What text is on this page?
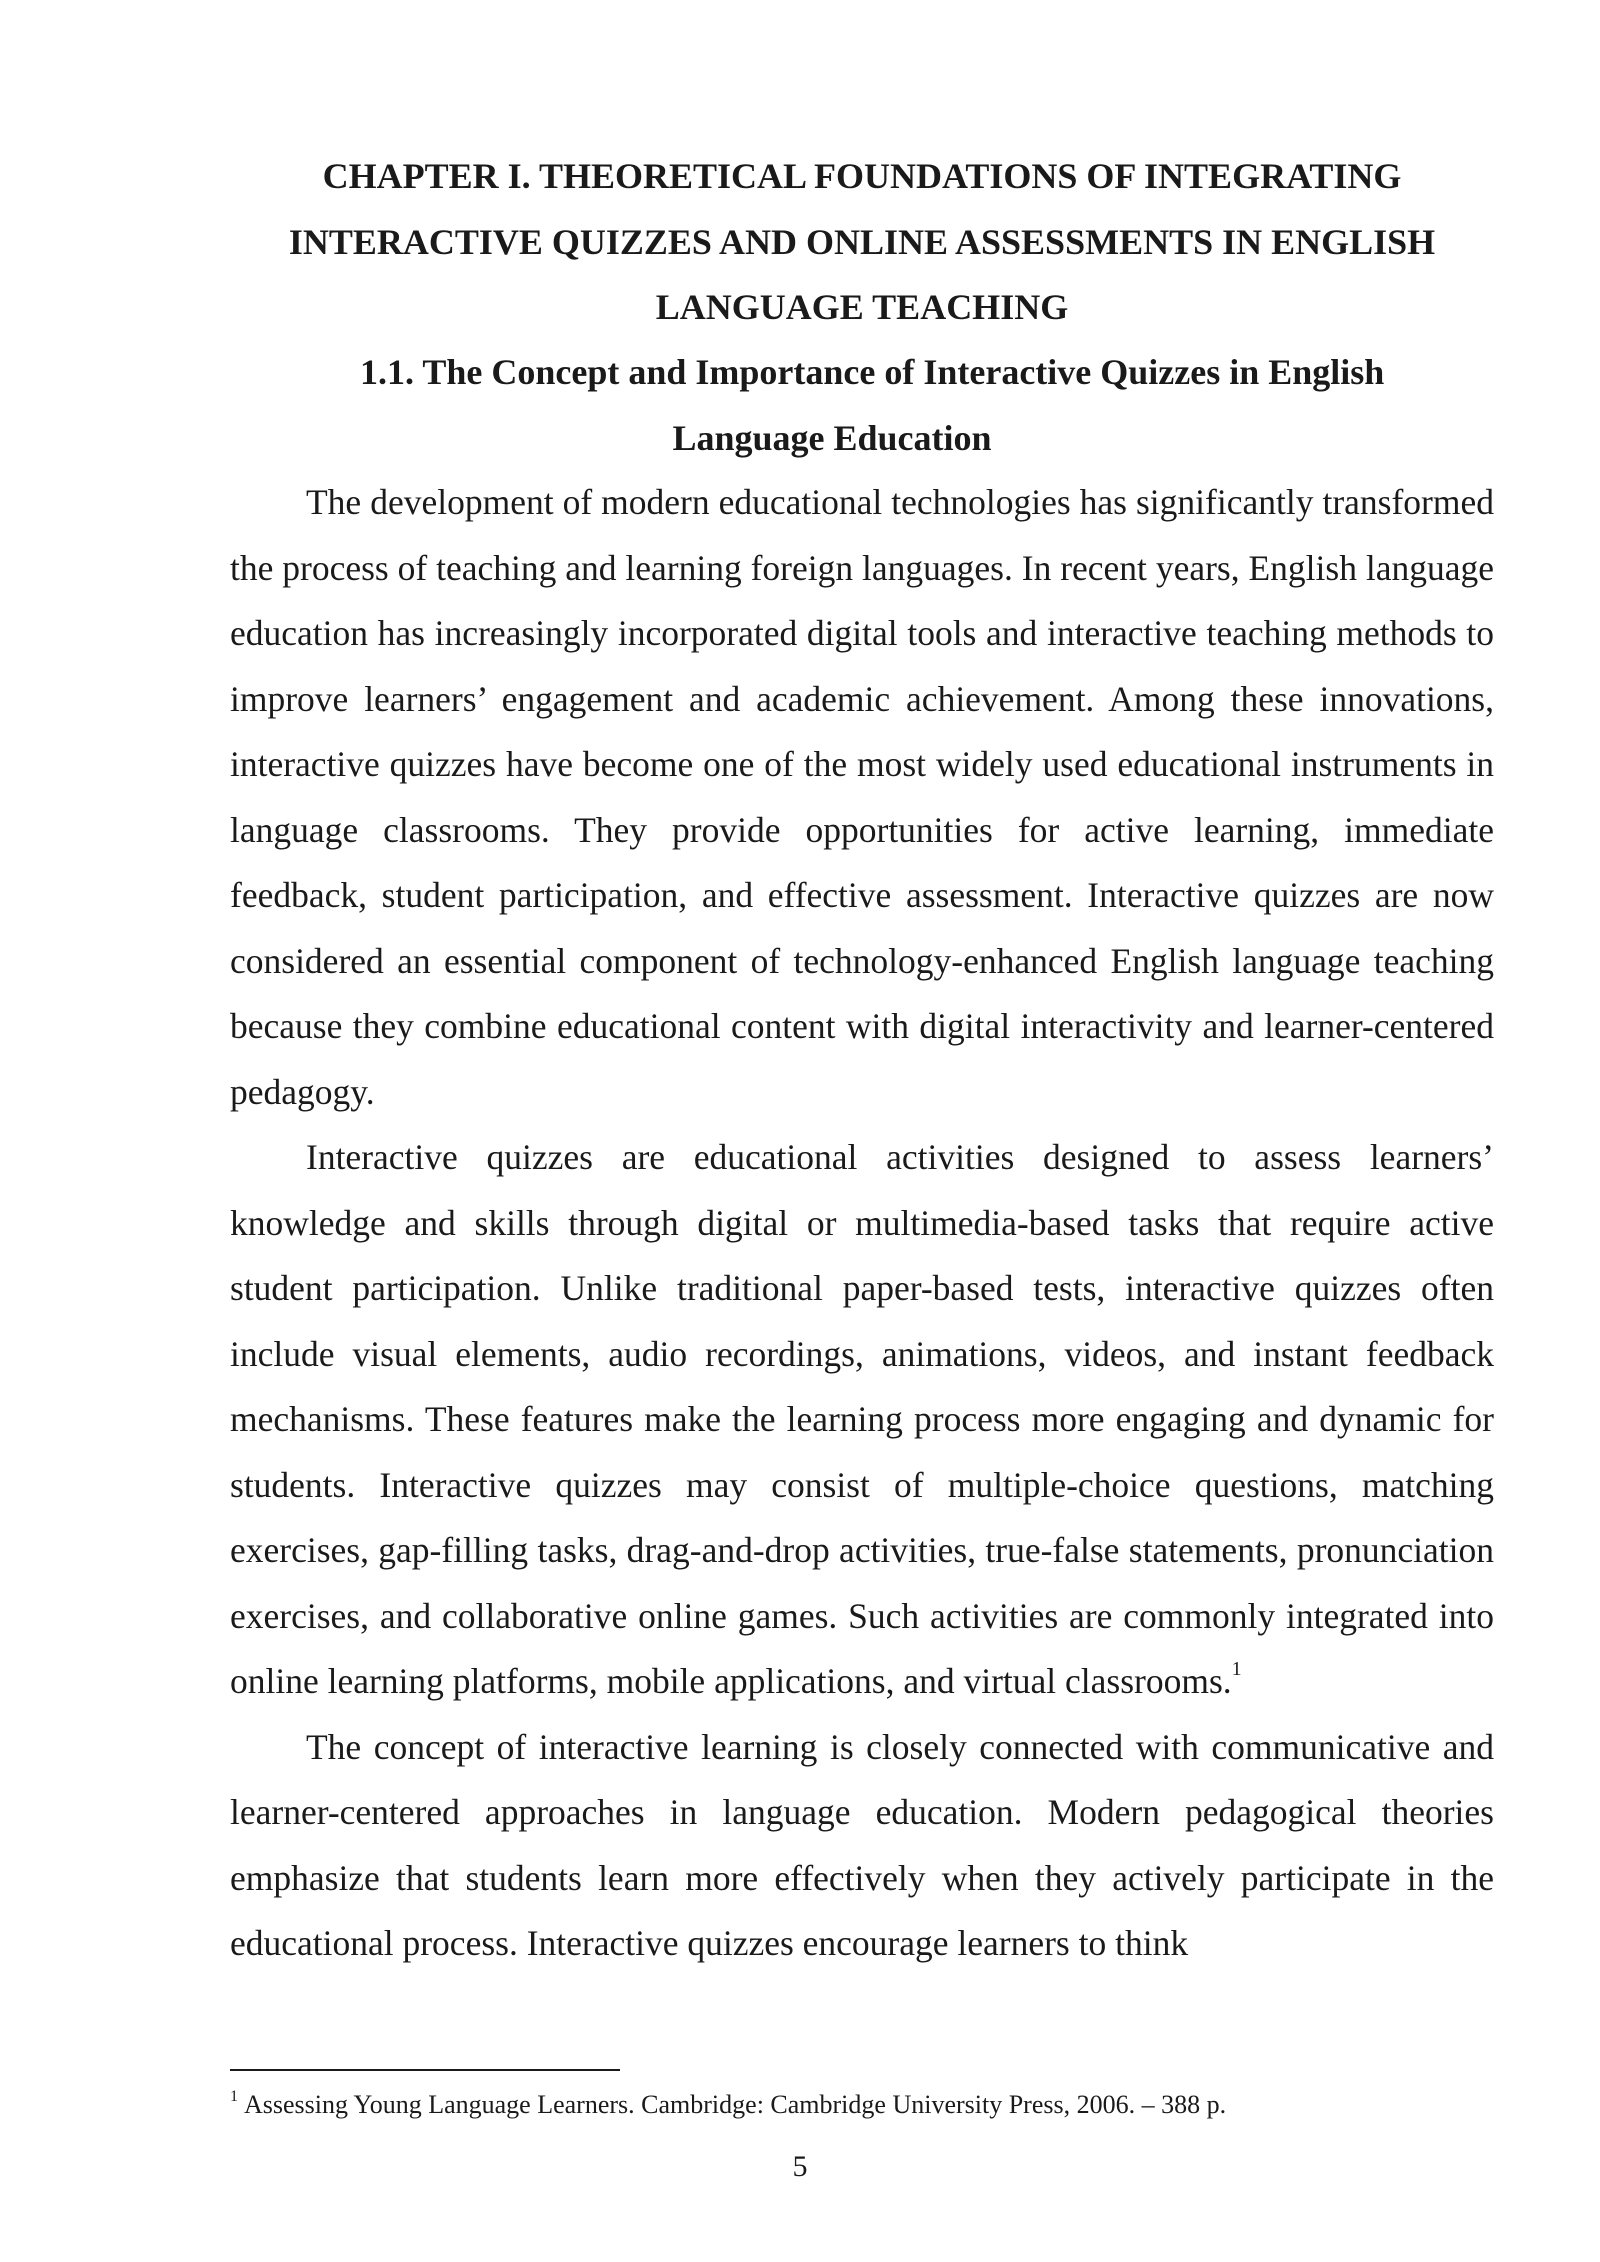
CHAPTER I. THEORETICAL FOUNDATIONS OF INTEGRATING INTERACTIVE QUIZZES AND ONLINE ASSESSMENTS IN ENGLISH LANGUAGE TEACHING
1.1. The Concept and Importance of Interactive Quizzes in English
Language Education

The development of modern educational technologies has significantly transformed the process of teaching and learning foreign languages. In recent years, English language education has increasingly incorporated digital tools and interactive teaching methods to improve learners’ engagement and academic achievement. Among these innovations, interactive quizzes have become one of the most widely used educational instruments in language classrooms. They provide opportunities for active learning, immediate feedback, student participation, and effective assessment. Interactive quizzes are now considered an essential component of technology-enhanced English language teaching because they combine educational content with digital interactivity and learner-centered pedagogy.

Interactive quizzes are educational activities designed to assess learners’ knowledge and skills through digital or multimedia-based tasks that require active student participation. Unlike traditional paper-based tests, interactive quizzes often include visual elements, audio recordings, animations, videos, and instant feedback mechanisms. These features make the learning process more engaging and dynamic for students. Interactive quizzes may consist of multiple-choice questions, matching exercises, gap-filling tasks, drag-and-drop activities, true-false statements, pronunciation exercises, and collaborative online games. Such activities are commonly integrated into online learning platforms, mobile applications, and virtual classrooms.$^1$

The concept of interactive learning is closely connected with communicative and learner-centered approaches in language education. Modern pedagogical theories emphasize that students learn more effectively when they actively participate in the educational process. Interactive quizzes encourage learners to think

$^1$ Assessing Young Language Learners. Cambridge: Cambridge University Press, 2006. – 388 p.
5
